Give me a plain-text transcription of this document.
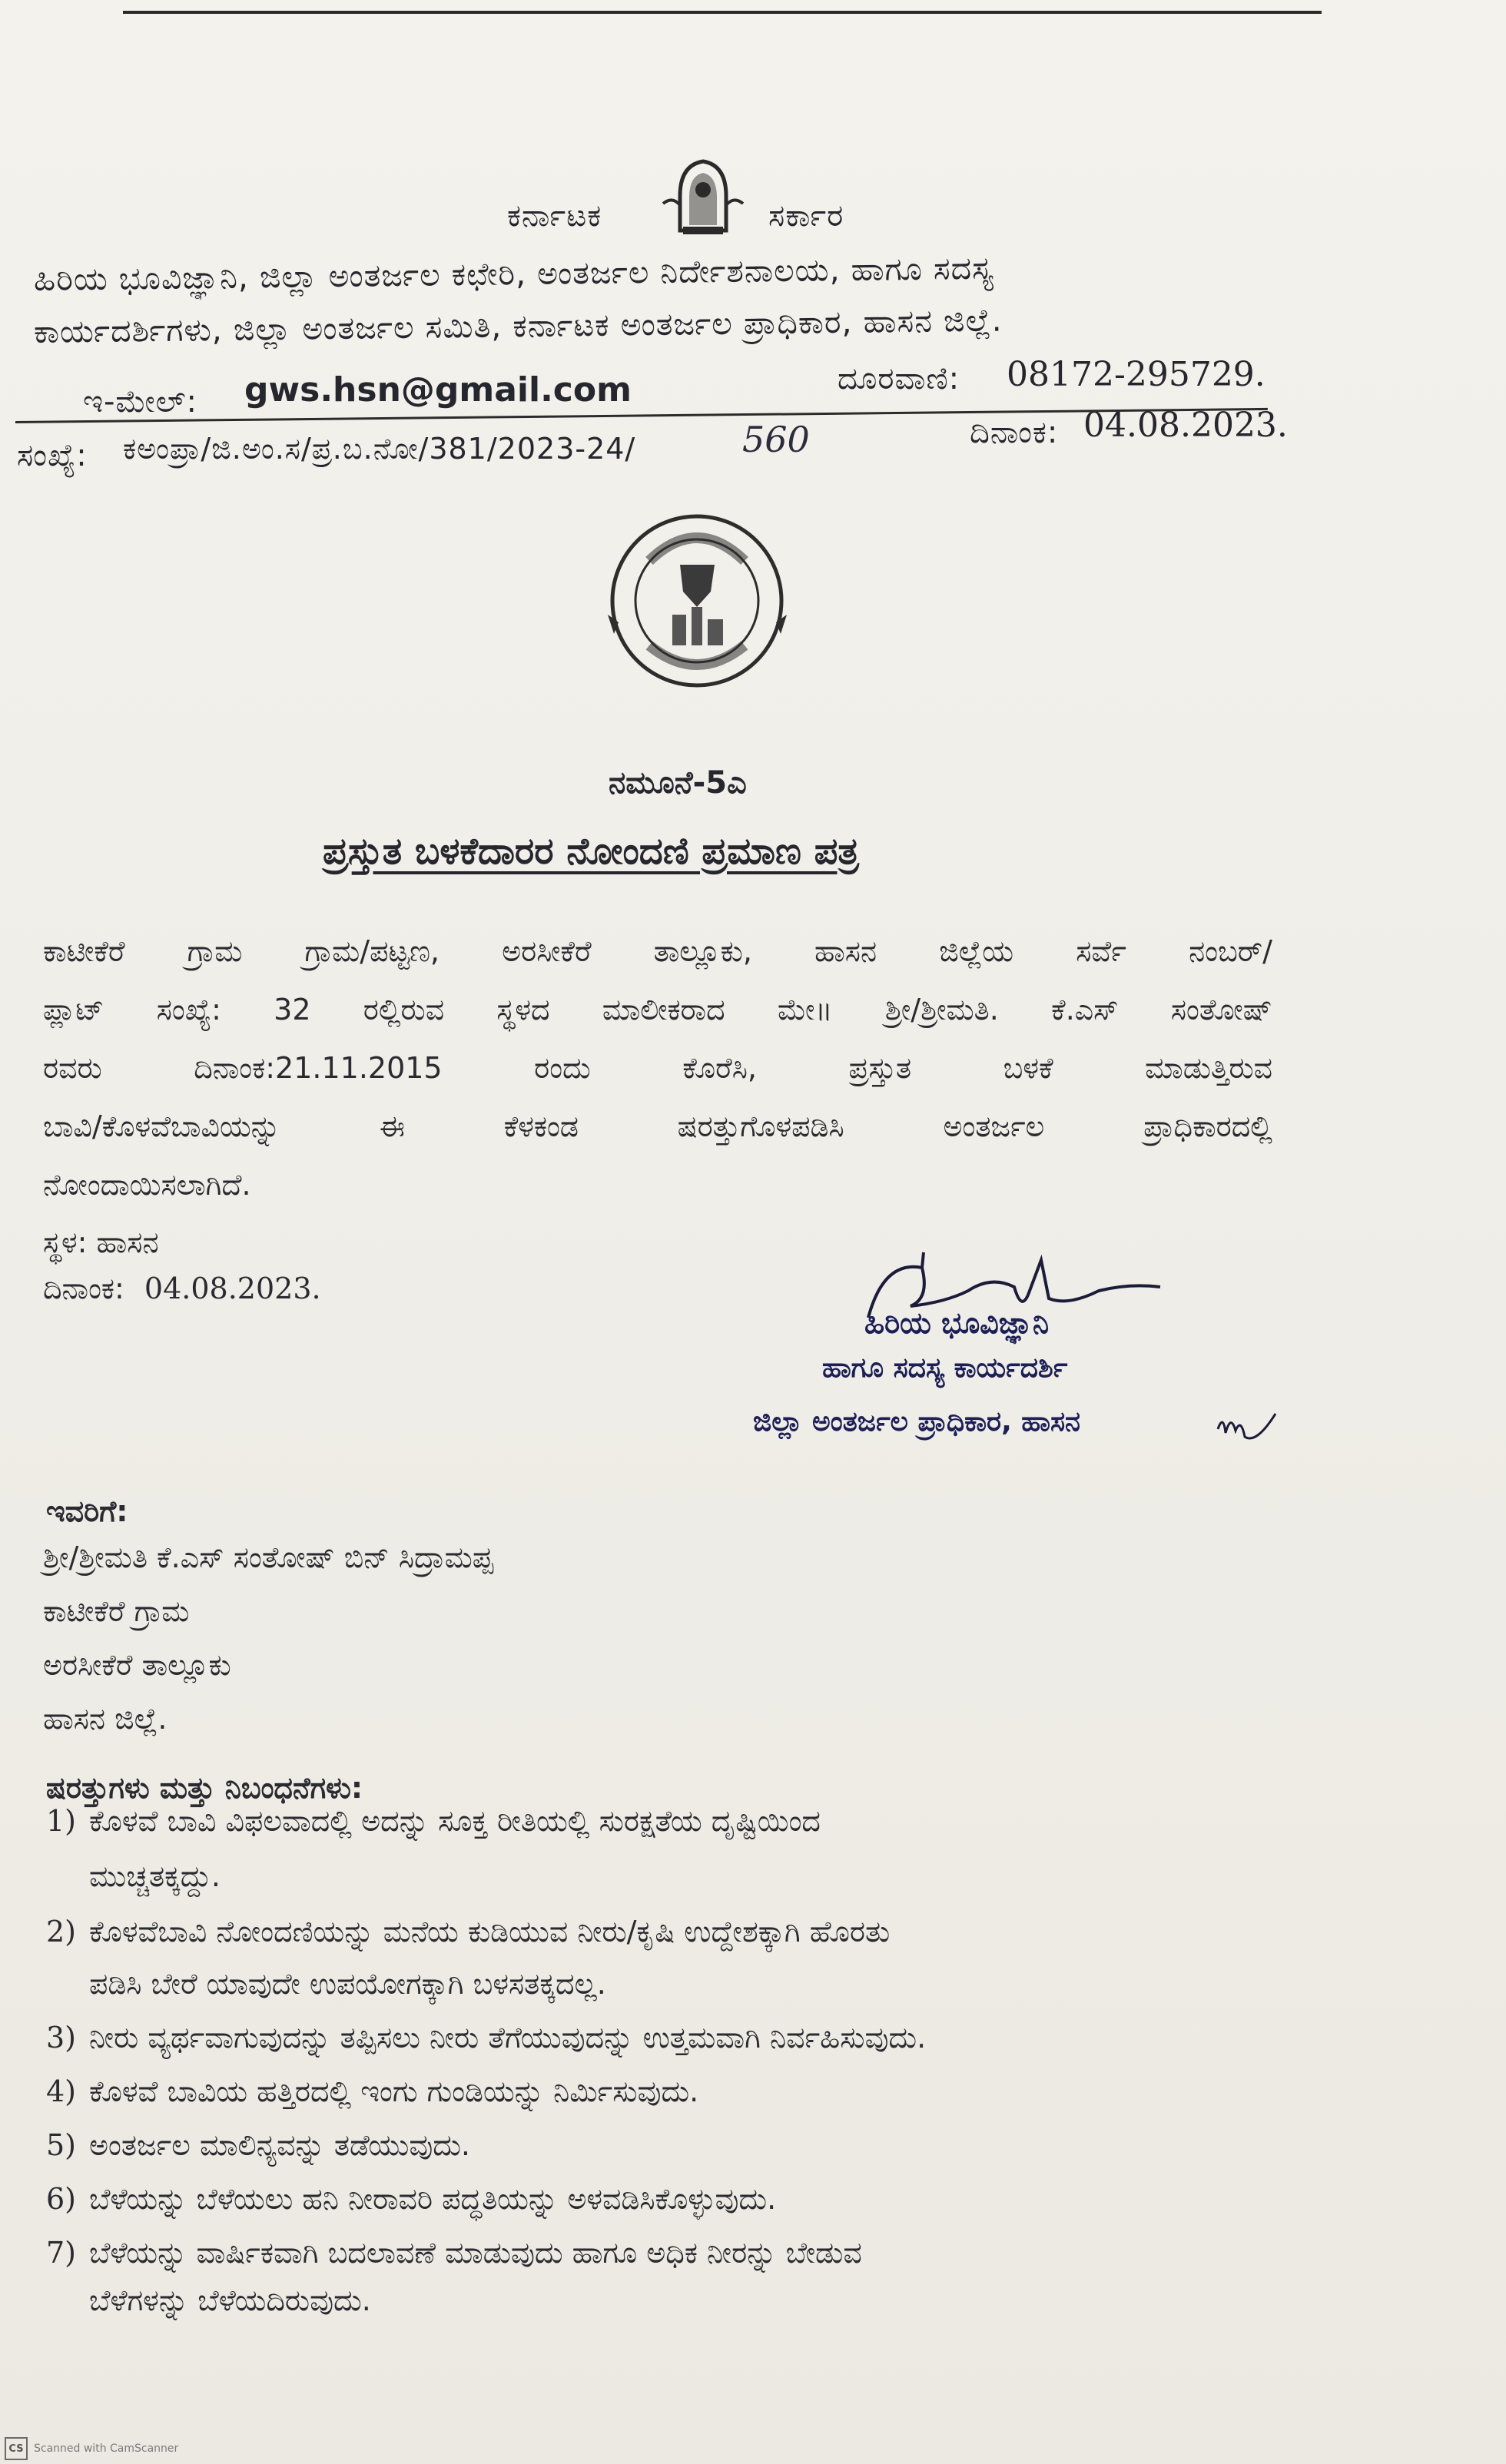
ಕರ್ನಾಟಕ	ಸರ್ಕಾರ
ಹಿರಿಯ ಭೂವಿಜ್ಞಾನಿ, ಜಿಲ್ಲಾ ಅಂತರ್ಜಲ ಕಛೇರಿ, ಅಂತರ್ಜಲ ನಿರ್ದೇಶನಾಲಯ, ಹಾಗೂ ಸದಸ್ಯ
ಕಾರ್ಯದರ್ಶಿಗಳು, ಜಿಲ್ಲಾ ಅಂತರ್ಜಲ ಸಮಿತಿ, ಕರ್ನಾಟಕ ಅಂತರ್ಜಲ ಪ್ರಾಧಿಕಾರ, ಹಾಸನ ಜಿಲ್ಲೆ.
ಇ-ಮೇಲ್: gws.hsn@gmail.com	ದೂರವಾಣಿ: 08172-295729.
ಸಂಖ್ಯೆ: ಕಅಂಪ್ರಾ/ಜಿ.ಅಂ.ಸ/ಪ್ರ.ಬ.ನೋ/381/2023-24/	560	ದಿನಾಂಕ: 04.08.2023.
ನಮೂನೆ-5ಎ
ಪ್ರಸ್ತುತ ಬಳಕೆದಾರರ ನೋಂದಣಿ ಪ್ರಮಾಣ ಪತ್ರ
ಕಾಟೀಕೆರೆ ಗ್ರಾಮ ಗ್ರಾಮ/ಪಟ್ಟಣ, ಅರಸೀಕೆರೆ ತಾಲ್ಲೂಕು, ಹಾಸನ ಜಿಲ್ಲೆಯ ಸರ್ವೆ ನಂಬರ್/
ಪ್ಲಾಟ್ ಸಂಖ್ಯೆ: 32 ರಲ್ಲಿರುವ ಸ್ಥಳದ ಮಾಲೀಕರಾದ ಮೇ॥ ಶ್ರೀ/ಶ್ರೀಮತಿ. ಕೆ.ಎಸ್ ಸಂತೋಷ್
ರವರು	ದಿನಾಂಕ:21.11.2015	ರಂದು	ಕೊರೆಸಿ,	ಪ್ರಸ್ತುತ	ಬಳಕೆ	ಮಾಡುತ್ತಿರುವ
ಬಾವಿ/ಕೊಳವೆಬಾವಿಯನ್ನು	ಈ	ಕೆಳಕಂಡ	ಷರತ್ತುಗೊಳಪಡಿಸಿ	ಅಂತರ್ಜಲ	ಪ್ರಾಧಿಕಾರದಲ್ಲಿ
ನೋಂದಾಯಿಸಲಾಗಿದೆ.
ಸ್ಥಳ: ಹಾಸನ
ದಿನಾಂಕ: 04.08.2023.
ಹಿರಿಯ ಭೂವಿಜ್ಞಾನಿ
ಹಾಗೂ ಸದಸ್ಯ ಕಾರ್ಯದರ್ಶಿ
ಜಿಲ್ಲಾ ಅಂತರ್ಜಲ ಪ್ರಾಧಿಕಾರ, ಹಾಸನ
ಇವರಿಗೆ:
ಶ್ರೀ/ಶ್ರೀಮತಿ ಕೆ.ಎಸ್ ಸಂತೋಷ್ ಬಿನ್ ಸಿದ್ರಾಮಪ್ಪ
ಕಾಟೀಕೆರೆ ಗ್ರಾಮ
ಅರಸೀಕೆರೆ ತಾಲ್ಲೂಕು
ಹಾಸನ ಜಿಲ್ಲೆ.
ಷರತ್ತುಗಳು ಮತ್ತು ನಿಬಂಧನೆಗಳು:
1) ಕೊಳವೆ ಬಾವಿ ವಿಫಲವಾದಲ್ಲಿ ಅದನ್ನು ಸೂಕ್ತ ರೀತಿಯಲ್ಲಿ ಸುರಕ್ಷತೆಯ ದೃಷ್ಟಿಯಿಂದ
ಮುಚ್ಚತಕ್ಕದ್ದು.
2) ಕೊಳವೆಬಾವಿ ನೋಂದಣಿಯನ್ನು ಮನೆಯ ಕುಡಿಯುವ ನೀರು/ಕೃಷಿ ಉದ್ದೇಶಕ್ಕಾಗಿ ಹೊರತು
ಪಡಿಸಿ ಬೇರೆ ಯಾವುದೇ ಉಪಯೋಗಕ್ಕಾಗಿ ಬಳಸತಕ್ಕದಲ್ಲ.
3) ನೀರು ವ್ಯರ್ಥವಾಗುವುದನ್ನು ತಪ್ಪಿಸಲು ನೀರು ತೆಗೆಯುವುದನ್ನು ಉತ್ತಮವಾಗಿ ನಿರ್ವಹಿಸುವುದು.
4) ಕೊಳವೆ ಬಾವಿಯ ಹತ್ತಿರದಲ್ಲಿ ಇಂಗು ಗುಂಡಿಯನ್ನು ನಿರ್ಮಿಸುವುದು.
5) ಅಂತರ್ಜಲ ಮಾಲಿನ್ಯವನ್ನು ತಡೆಯುವುದು.
6) ಬೆಳೆಯನ್ನು ಬೆಳೆಯಲು ಹನಿ ನೀರಾವರಿ ಪದ್ಧತಿಯನ್ನು ಅಳವಡಿಸಿಕೊಳ್ಳುವುದು.
7) ಬೆಳೆಯನ್ನು ವಾರ್ಷಿಕವಾಗಿ ಬದಲಾವಣೆ ಮಾಡುವುದು ಹಾಗೂ ಅಧಿಕ ನೀರನ್ನು ಬೇಡುವ
ಬೆಳೆಗಳನ್ನು ಬೆಳೆಯದಿರುವುದು.
CS Scanned with CamScanner
